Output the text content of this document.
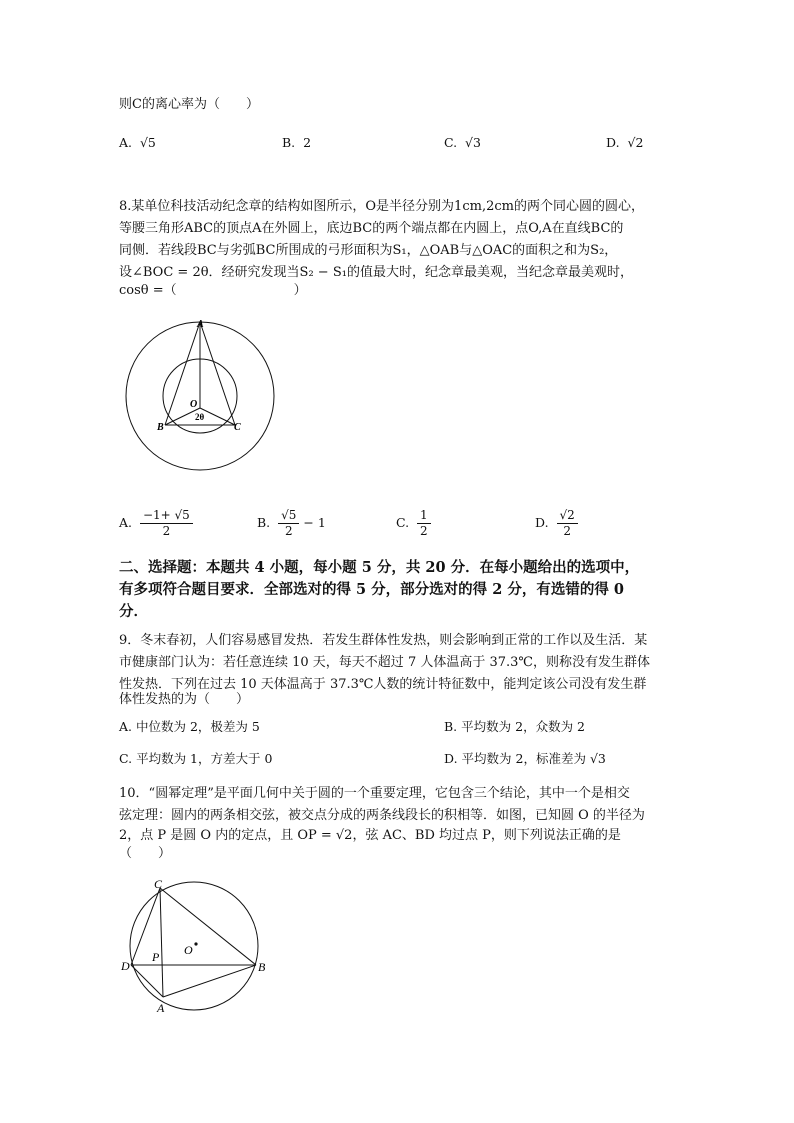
则C的离心率为（　　）
A. √5	B. 2	C. √3	D. √2
8.某单位科技活动纪念章的结构如图所示，O是半径分别为1cm,2cm的两个同心圆的圆心，
等腰三角形ABC的顶点A在外圆上，底边BC的两个端点都在内圆上，点O,A在直线BC的
同侧．若线段BC与劣弧BC所围成的弓形面积为S₁，△OAB与△OAC的面积之和为S₂，
设∠BOC = 2θ．经研究发现当S₂ − S₁的值最大时，纪念章最美观，当纪念章最美观时，
cosθ =（　　　　　　　　　）
A
O
B	C
2θ
A. $\frac{-1+ √5}{2}$	B. $\frac{√5}{2} - 1$	C. $\frac{1}{2}$	D. $\frac{√2}{2}$
二、选择题：本题共 4 小题，每小题 5 分，共 20 分．在每小题给出的选项中，
有多项符合题目要求．全部选对的得 5 分，部分选对的得 2 分，有选错的得 0
分．
9．冬末春初，人们容易感冒发热．若发生群体性发热，则会影响到正常的工作以及生活．某
市健康部门认为：若任意连续 10 天，每天不超过 7 人体温高于 37.3℃，则称没有发生群体
性发热．下列在过去 10 天体温高于 37.3℃人数的统计特征数中，能判定该公司没有发生群
体性发热的为（　　）
A. 中位数为 2，极差为 5	B. 平均数为 2，众数为 2
C. 平均数为 1，方差大于 0	D. 平均数为 2，标准差为 √3
10．“圆幂定理”是平面几何中关于圆的一个重要定理，它包含三个结论，其中一个是相交
弦定理：圆内的两条相交弦，被交点分成的两条线段长的积相等．如图，已知圆 O 的半径为
2，点 P 是圆 O 内的定点，且 OP = √2，弦 AC、BD 均过点 P，则下列说法正确的是
（　　）
C
O
D
P
B
A
